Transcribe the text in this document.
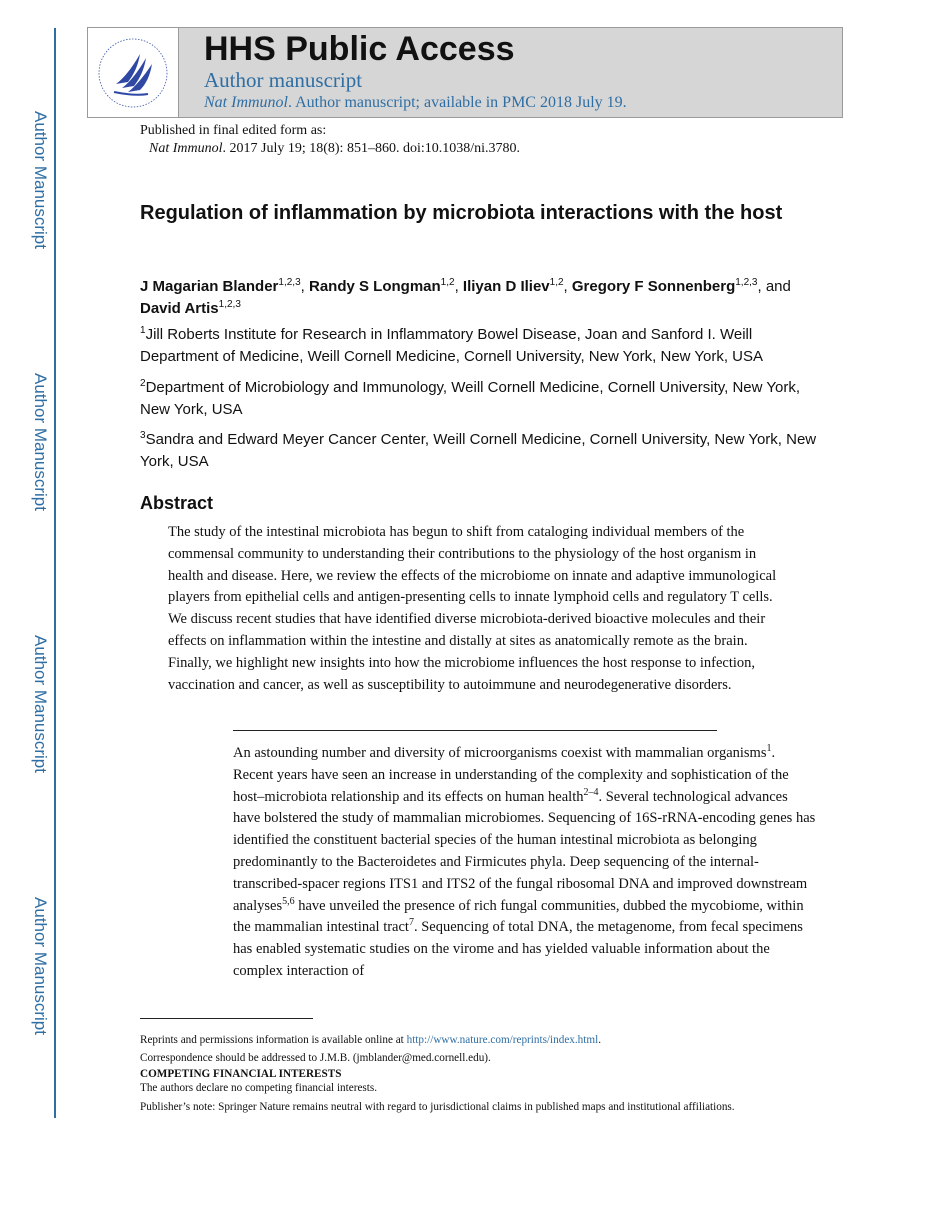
Author Manuscript
Author Manuscript
Author Manuscript
Author Manuscript
HHS Public Access
Author manuscript
Nat Immunol. Author manuscript; available in PMC 2018 July 19.
Published in final edited form as:
Nat Immunol. 2017 July 19; 18(8): 851–860. doi:10.1038/ni.3780.
Regulation of inflammation by microbiota interactions with the host
J Magarian Blander$^{1,2,3}$, Randy S Longman$^{1,2}$, Iliyan D Iliev$^{1,2}$, Gregory F Sonnenberg$^{1,2,3}$, and David Artis$^{1,2,3}$
$^1$Jill Roberts Institute for Research in Inflammatory Bowel Disease, Joan and Sanford I. Weill Department of Medicine, Weill Cornell Medicine, Cornell University, New York, New York, USA
$^2$Department of Microbiology and Immunology, Weill Cornell Medicine, Cornell University, New York, New York, USA
$^3$Sandra and Edward Meyer Cancer Center, Weill Cornell Medicine, Cornell University, New York, New York, USA
Abstract
The study of the intestinal microbiota has begun to shift from cataloging individual members of the commensal community to understanding their contributions to the physiology of the host organism in health and disease. Here, we review the effects of the microbiome on innate and adaptive immunological players from epithelial cells and antigen-presenting cells to innate lymphoid cells and regulatory T cells. We discuss recent studies that have identified diverse microbiota-derived bioactive molecules and their effects on inflammation within the intestine and distally at sites as anatomically remote as the brain. Finally, we highlight new insights into how the microbiome influences the host response to infection, vaccination and cancer, as well as susceptibility to autoimmune and neurodegenerative disorders.
An astounding number and diversity of microorganisms coexist with mammalian organisms$^1$. Recent years have seen an increase in understanding of the complexity and sophistication of the host–microbiota relationship and its effects on human health$^{2-4}$. Several technological advances have bolstered the study of mammalian microbiomes. Sequencing of 16S-rRNA-encoding genes has identified the constituent bacterial species of the human intestinal microbiota as belonging predominantly to the Bacteroidetes and Firmicutes phyla. Deep sequencing of the internal-transcribed-spacer regions ITS1 and ITS2 of the fungal ribosomal DNA and improved downstream analyses$^{5,6}$ have unveiled the presence of rich fungal communities, dubbed the mycobiome, within the mammalian intestinal tract$^7$. Sequencing of total DNA, the metagenome, from fecal specimens has enabled systematic studies on the virome and has yielded valuable information about the complex interaction of
Reprints and permissions information is available online at http://www.nature.com/reprints/index.html.
Correspondence should be addressed to J.M.B. (jmblander@med.cornell.edu).
COMPETING FINANCIAL INTERESTS
The authors declare no competing financial interests.
Publisher’s note: Springer Nature remains neutral with regard to jurisdictional claims in published maps and institutional affiliations.
